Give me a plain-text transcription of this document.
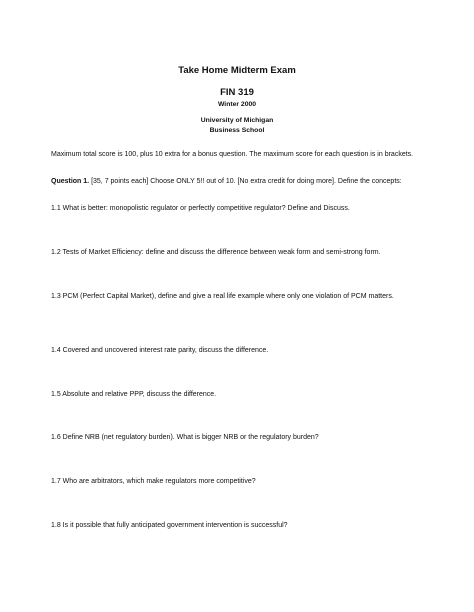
Take Home Midterm Exam
FIN 319
Winter 2000
University of Michigan
Business School
Maximum total score is 100, plus 10 extra for a bonus question. The maximum score for each question is in brackets.
Question 1. [35, 7 points each] Choose ONLY 5!! out of 10. [No extra credit for doing more]. Define the concepts:
1.1 What is better: monopolistic regulator or perfectly competitive regulator? Define and Discuss.
1.2 Tests of Market Efficiency: define and discuss the difference between weak form and semi-strong form.
1.3 PCM (Perfect Capital Market), define and give a real life example where only one violation of PCM matters.
1.4 Covered and uncovered interest rate parity, discuss the difference.
1.5 Absolute and relative PPP, discuss the difference.
1.6 Define NRB (net regulatory burden). What is bigger NRB or the regulatory burden?
1.7 Who are arbitrators, which make regulators more competitive?
1.8 Is it possible that fully anticipated government intervention is successful?
